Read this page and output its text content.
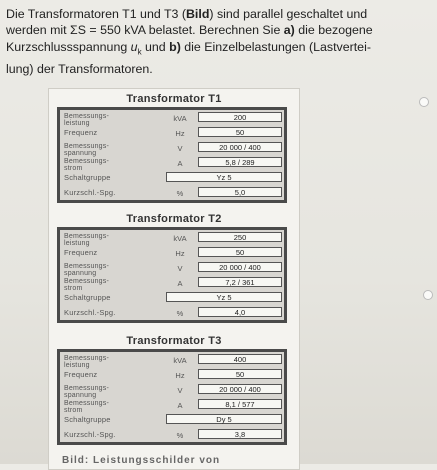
Die Transformatoren T1 und T3 (Bild) sind parallel geschaltet und

werden mit ΣS = 550 kVA belastet. Berechnen Sie a) die bezogene

Kurzschlussspannung $u_k$ und b) die Einzelbelastungen (Lastvertei-

lung) der Transformatoren.

Transformator T1
Bemessungs-
leistung
kVA	200
Frequenz	Hz	50
Bemessungs-
spannung
V	20 000 / 400
Bemessungs-
strom
A	5,8 / 289
Schaltgruppe	Yz 5
Kurzschl.-Spg.	%	5,0
Transformator T2
Bemessungs-
leistung
kVA	250
Frequenz	Hz	50
Bemessungs-
spannung
V	20 000 / 400
Bemessungs-
strom
A	7,2 / 361
Schaltgruppe	Yz 5
Kurzschl.-Spg.	%	4,0
Transformator T3
Bemessungs-
leistung
kVA	400
Frequenz	Hz	50
Bemessungs-
spannung
V	20 000 / 400
Bemessungs-
strom
A	8,1 / 577
Schaltgruppe	Dy 5
Kurzschl.-Spg.	%	3,8
Bild: Leistungsschilder von
